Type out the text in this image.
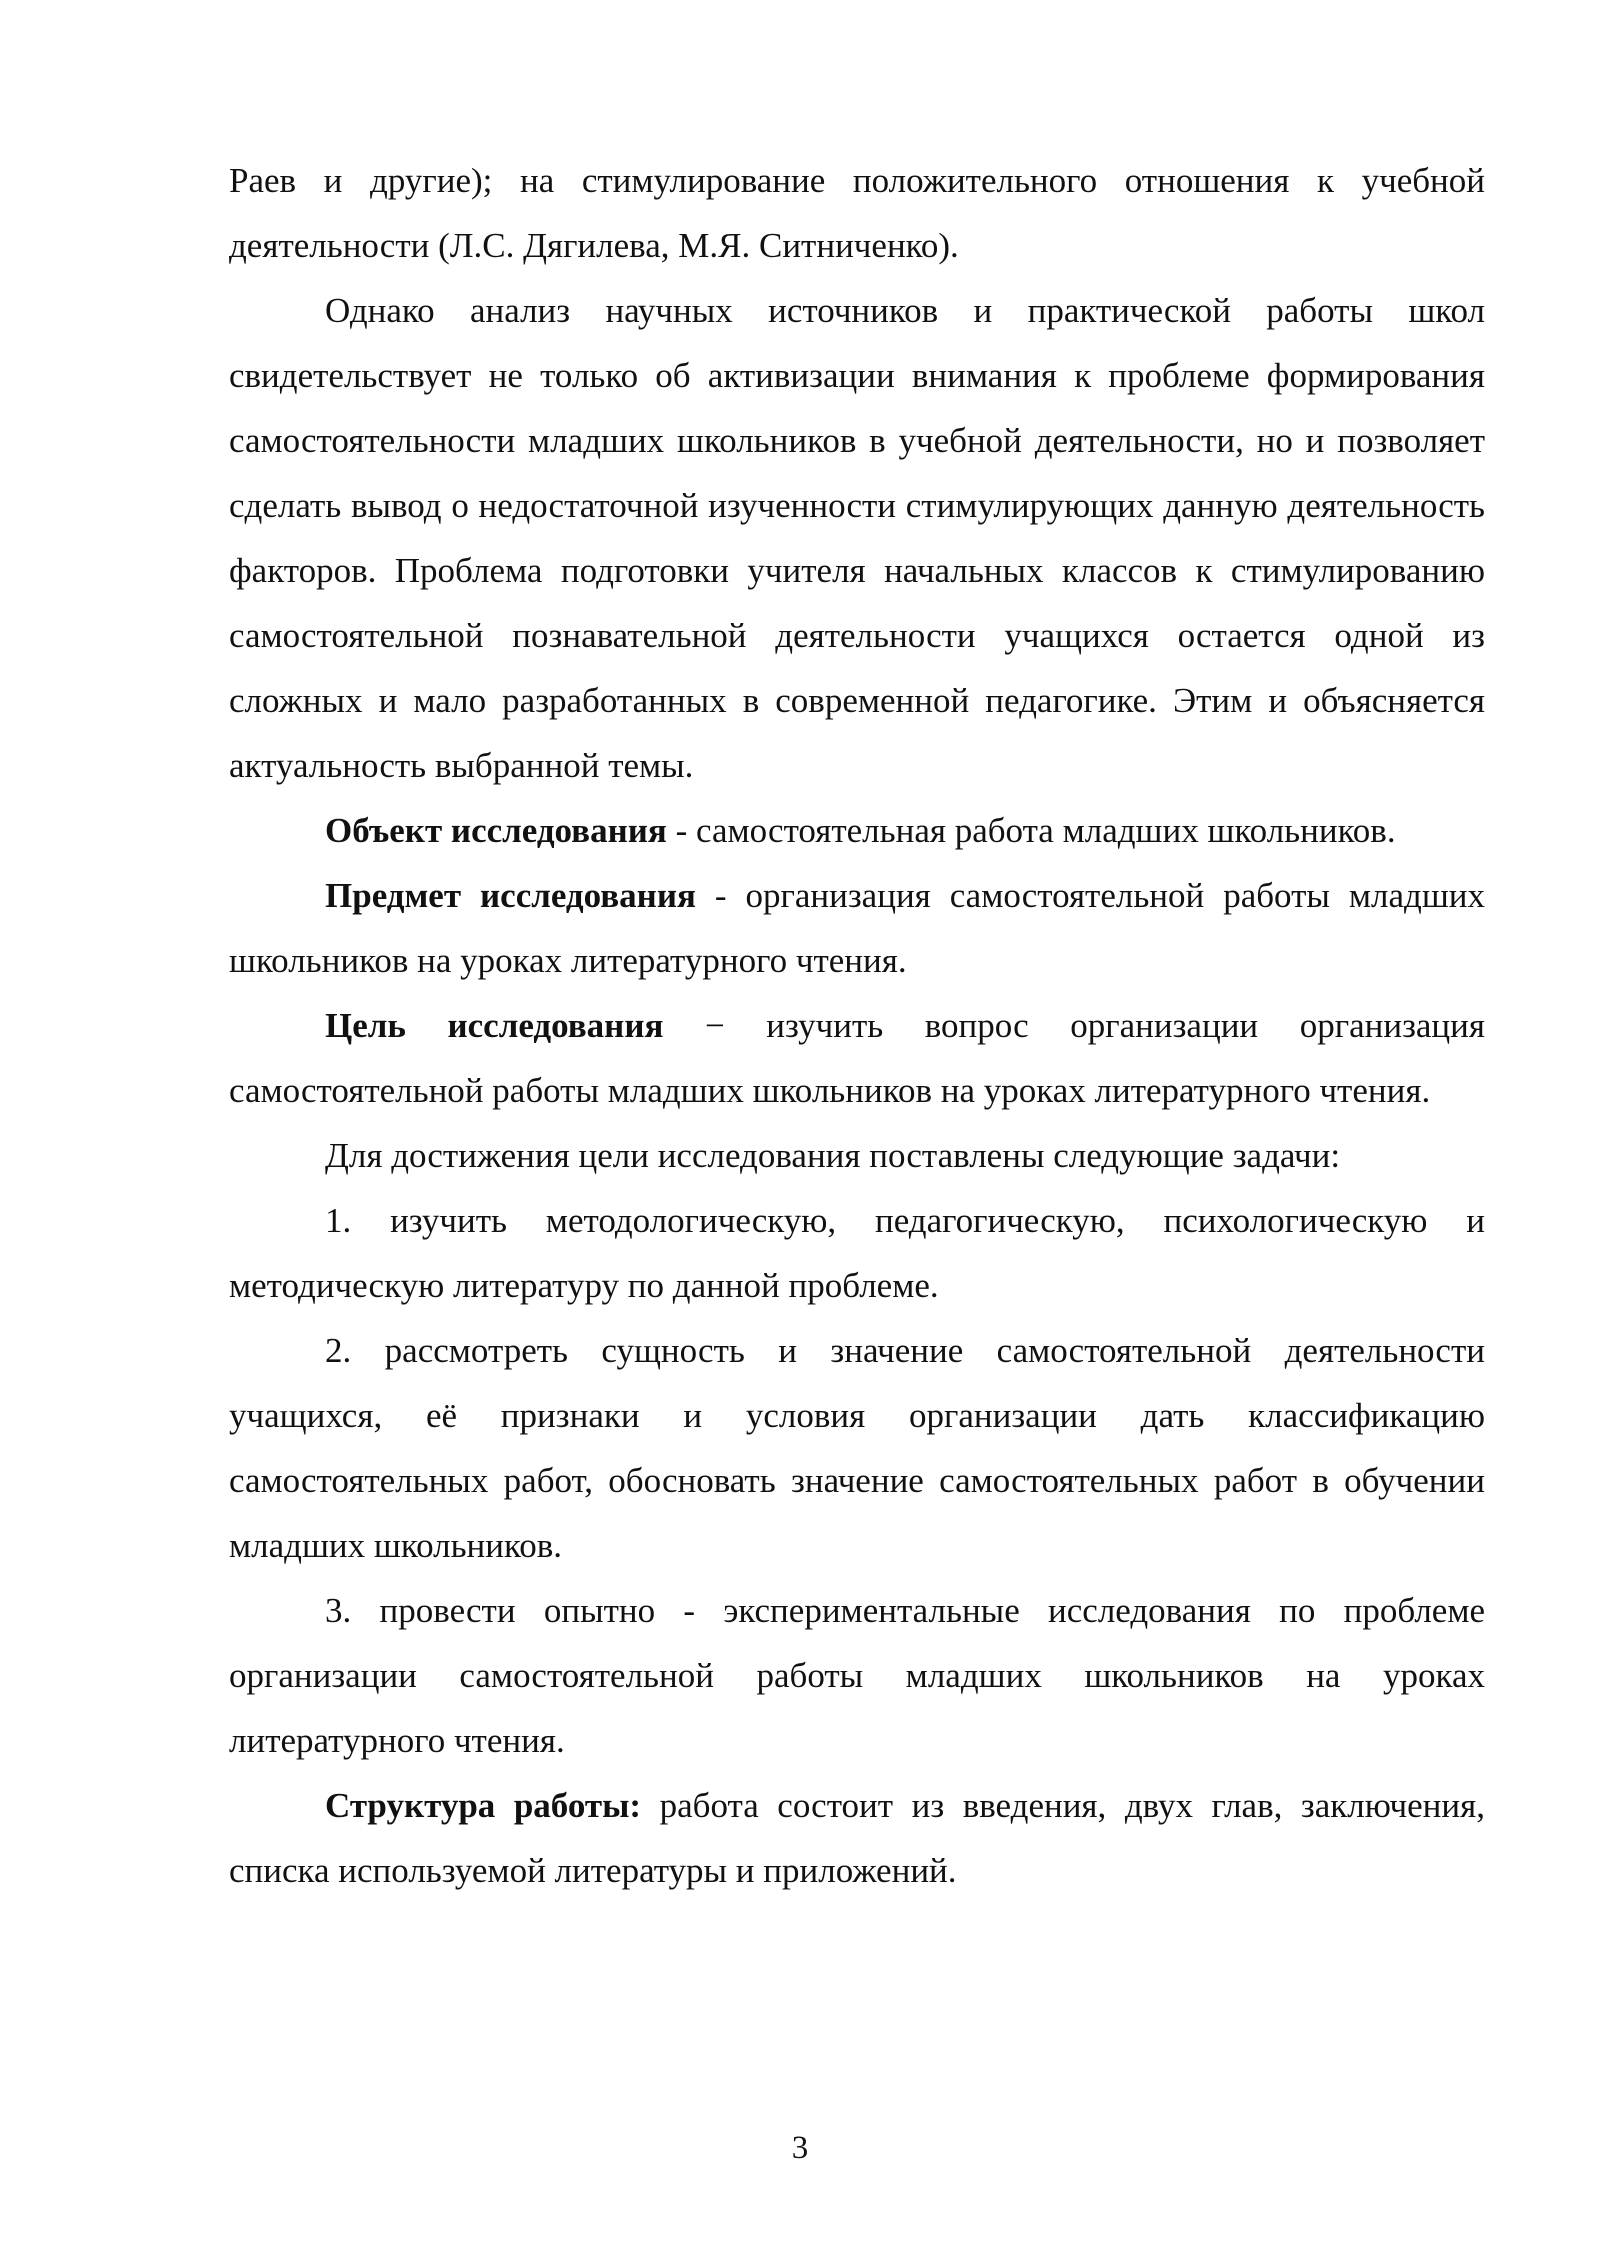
Раев и другие); на стимулирование положительного отношения к учебной деятельности (Л.С. Дягилева, М.Я. Ситниченко).

Однако анализ научных источников и практической работы школ свидетельствует не только об активизации внимания к проблеме формирования самостоятельности младших школьников в учебной деятельности, но и позволяет сделать вывод о недостаточной изученности стимулирующих данную деятельность факторов. Проблема подготовки учителя начальных классов к стимулированию самостоятельной познавательной деятельности учащихся остается одной из сложных и мало разработанных в современной педагогике. Этим и объясняется актуальность выбранной темы.

Объект исследования - самостоятельная работа младших школьников.

Предмет исследования - организация самостоятельной работы младших школьников на уроках литературного чтения.

Цель исследования − изучить вопрос организации организация самостоятельной работы младших школьников на уроках литературного чтения.

Для достижения цели исследования поставлены следующие задачи:

1. изучить методологическую, педагогическую, психологическую и методическую литературу по данной проблеме.

2. рассмотреть сущность и значение самостоятельной деятельности учащихся, её признаки и условия организации дать классификацию самостоятельных работ, обосновать значение самостоятельных работ в обучении младших школьников.

3. провести опытно - экспериментальные исследования по проблеме организации самостоятельной работы младших школьников на уроках литературного чтения.

Структура работы: работа состоит из введения, двух глав, заключения, списка используемой литературы и приложений.

3
